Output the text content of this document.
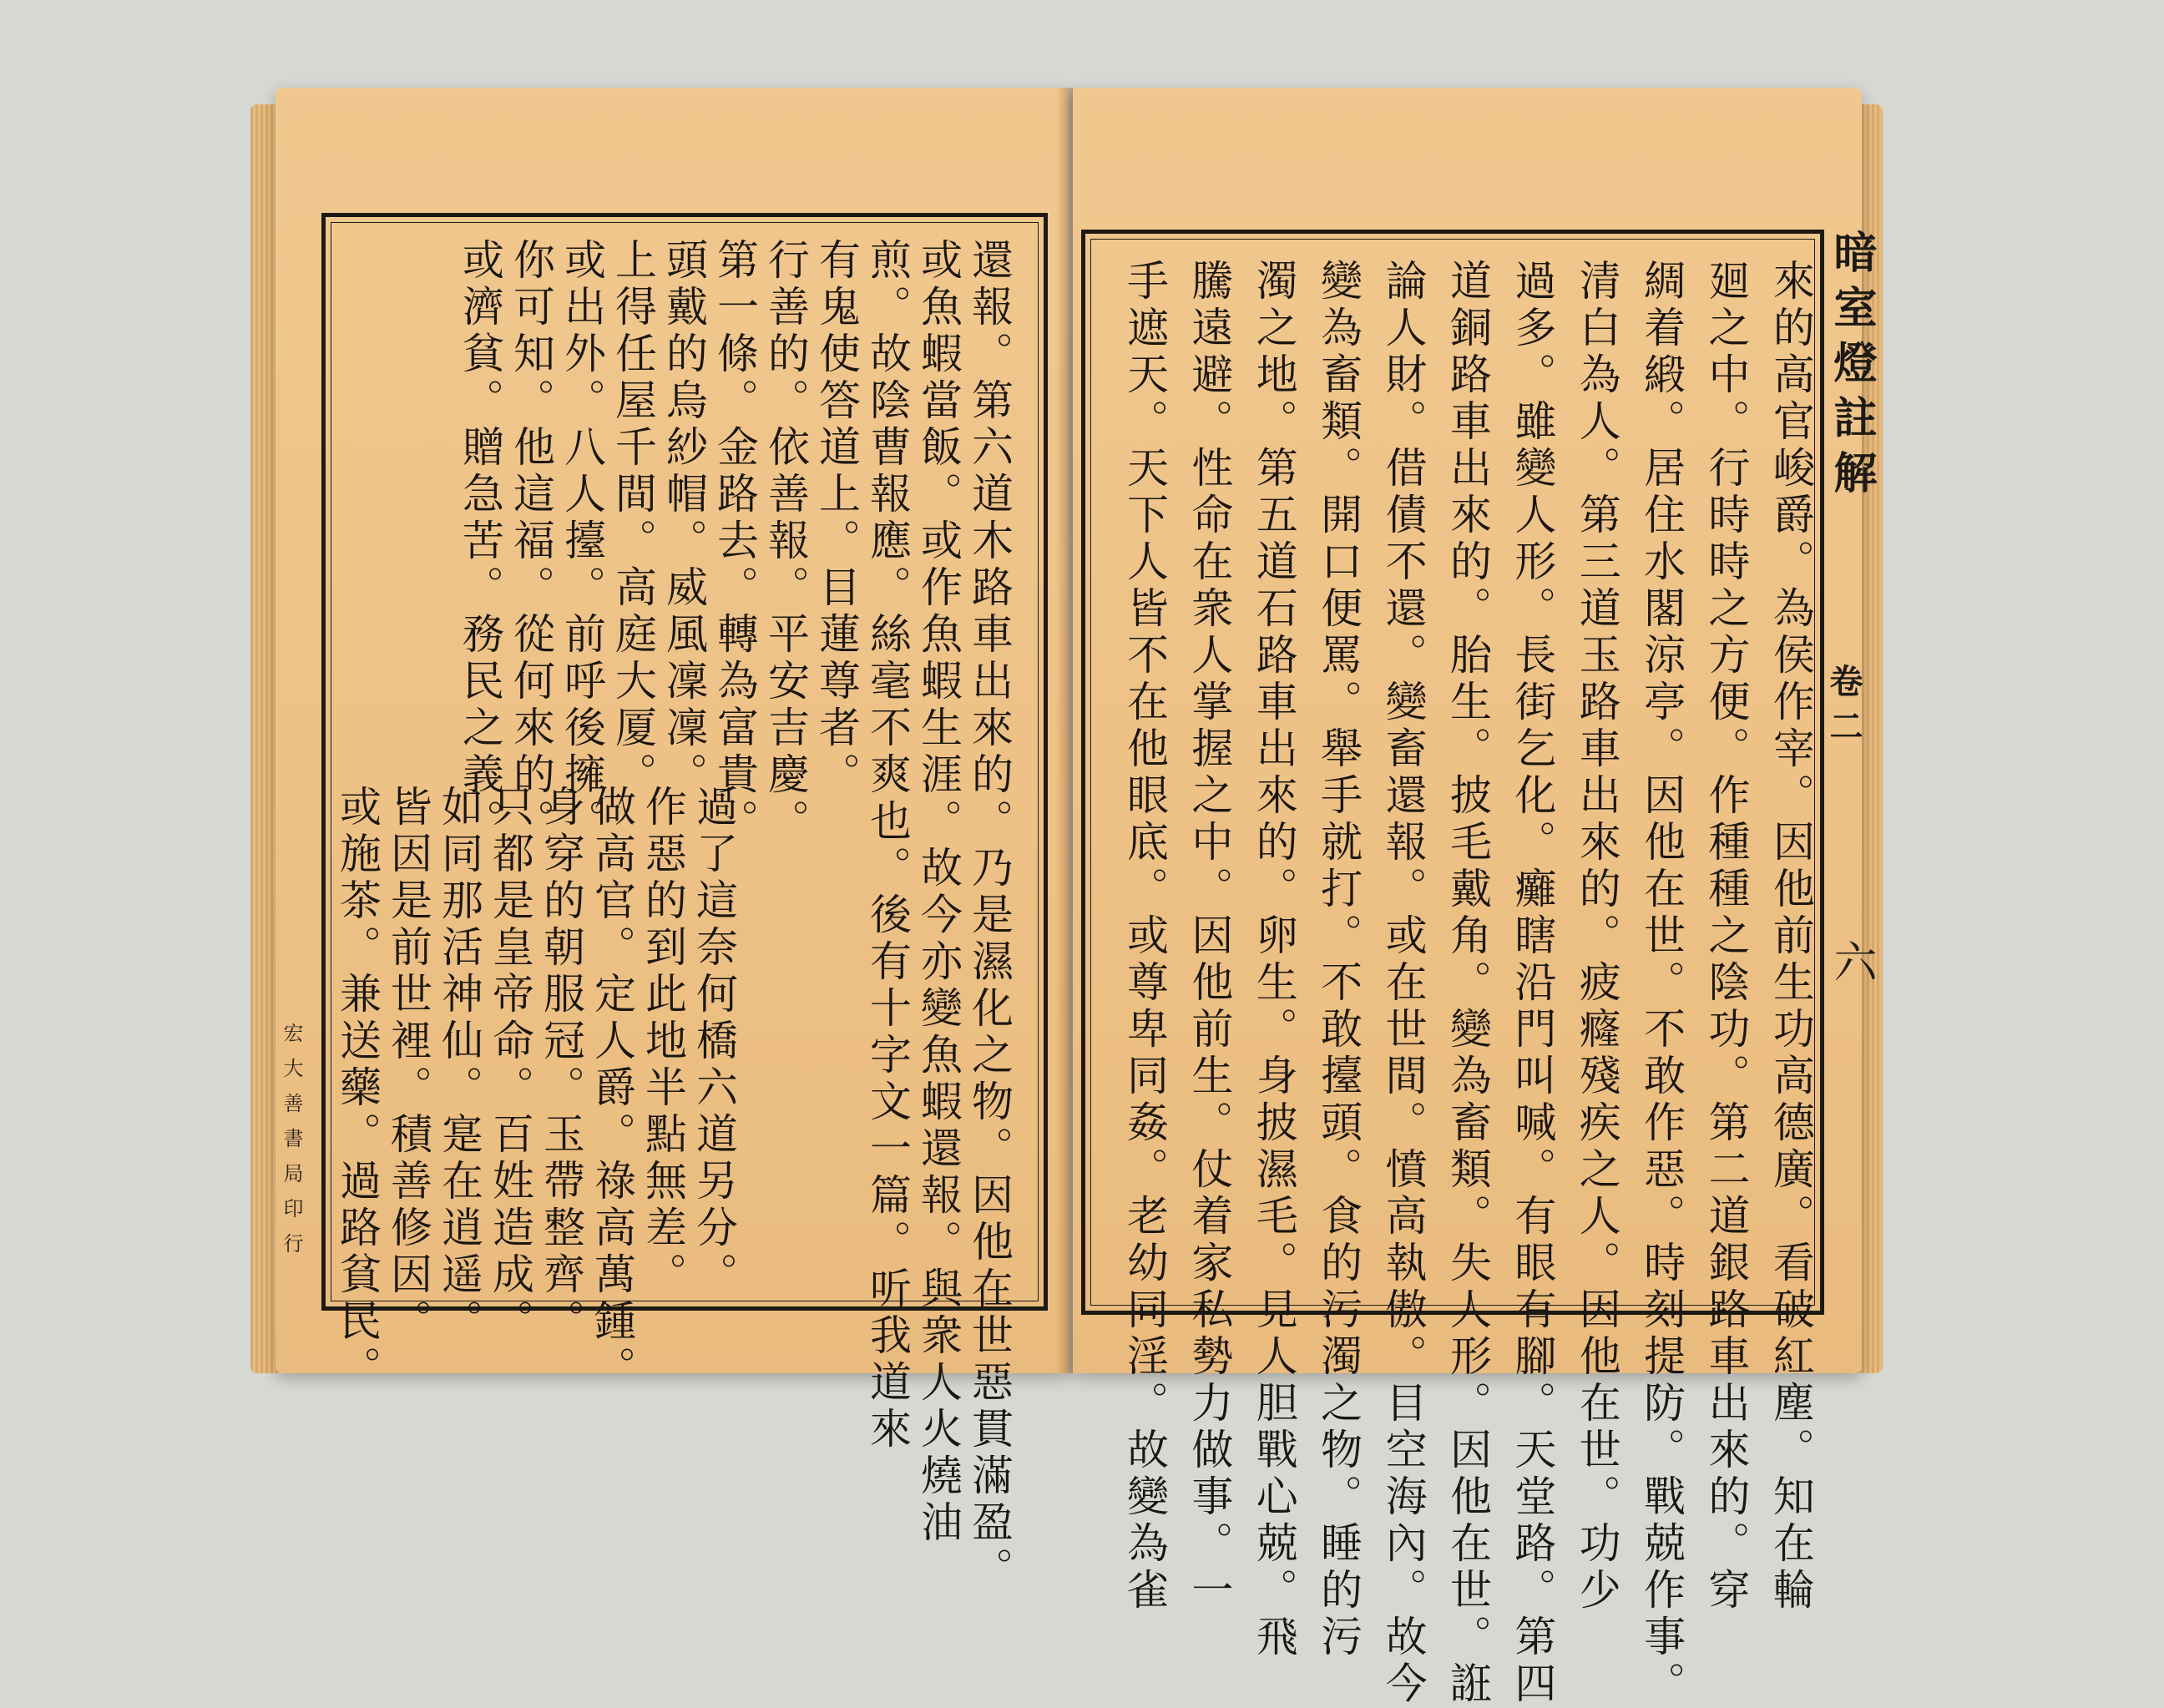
還報。第六道木路車出來的。乃是濕化之物。因他在世惡貫滿盈。
或魚蝦當飯。或作魚蝦生涯。故今亦變魚蝦還報。與衆人火燒油
煎。故陰曹報應。絲毫不爽也。後有十字文一篇。听我道來
有鬼使答道上。目蓮尊者。
行善的。依善報。平安吉慶。
第一條。金路去。轉為富貴。
頭戴的烏紗帽。威風凜凜。
上得任屋千間。高庭大厦。
或出外。八人擡。前呼後擁。
你可知。他這福。從何來的。
或濟貧。贈急苦。務民之義。
過了這奈何橋六道另分。
作惡的到此地半點無差。
做高官。定人爵。祿高萬鍾。
身穿的朝服冠。玉帶整齊。
只都是皇帝命。百姓造成。
如同那活神仙。寔在逍遥。
皆因是前世裡。積善修因。
或施茶。兼送藥。過路貧民。
宏大善書局印行	來的高官峻爵。為侯作宰。因他前生功高德廣。看破紅塵。知在輪
廻之中。行時時之方便。作種種之陰功。第二道銀路車出來的。穿
綢着緞。居住水閣涼亭。因他在世。不敢作惡。時刻提防。戰兢作事。
清白為人。第三道玉路車出來的。疲癃殘疾之人。因他在世。功少
過多。雖變人形。長街乞化。癱瞎沿門叫喊。有眼有腳。天堂路。第四
道銅路車出來的。胎生。披毛戴角。變為畜類。失人形。因他在世。誑
論人財。借債不還。變畜還報。或在世間。憤高執傲。目空海內。故今
變為畜類。開口便罵。舉手就打。不敢擡頭。食的污濁之物。睡的污
濁之地。第五道石路車出來的。卵生。身披濕毛。見人胆戰心兢。飛
騰遠避。性命在衆人掌握之中。因他前生。仗着家私勢力做事。一
手遮天。天下人皆不在他眼底。或尊卑同姦。老幼同淫。故變為雀	暗室燈註解
六
卷二
